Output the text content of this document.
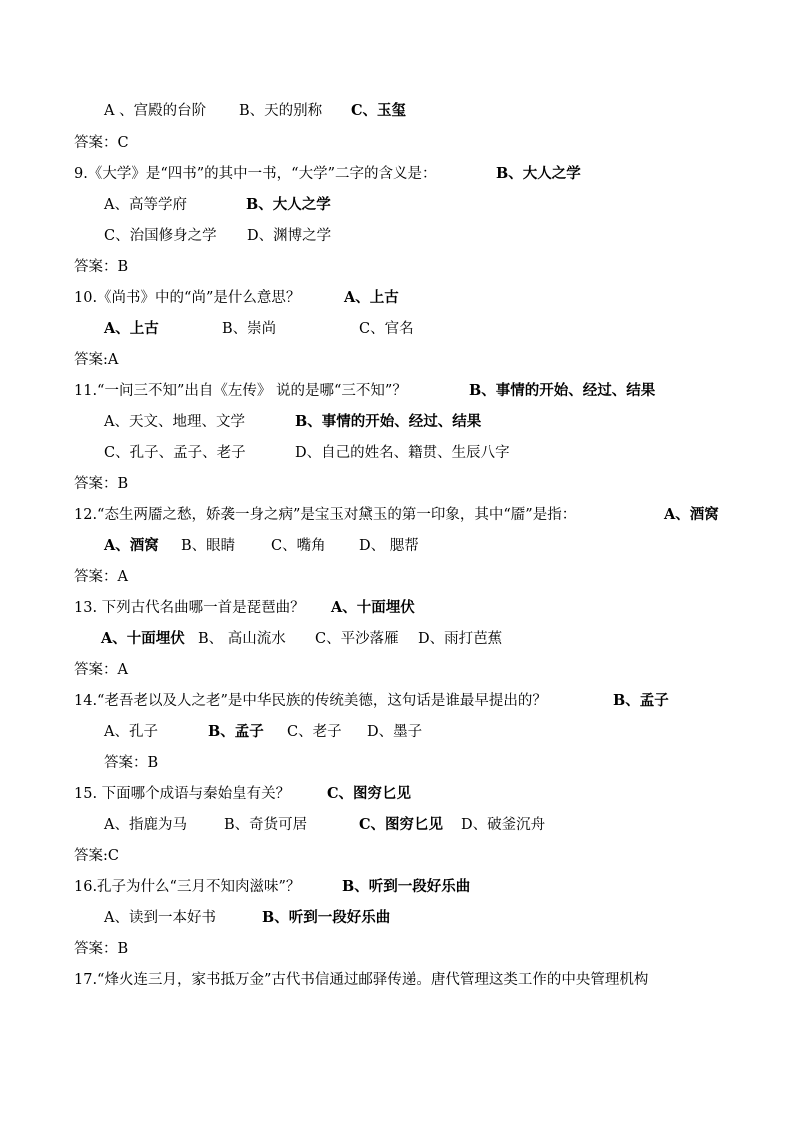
A 、宫殿的台阶 B、天的别称 C、玉玺
答案：C
9.《大学》是“四书”的其中一书，“大学”二字的含义是：	B、大人之学
A、高等学府	B、大人之学
C、治国修身之学 D、渊博之学
答案：B
10.《尚书》中的“尚”是什么意思？	A、上古
A、上古	B、崇尚	C、官名
答案:A
11.“一问三不知”出自《左传》 说的是哪“三不知”？	B、事情的开始、经过、结果
A、天文、地理、文学	B、事情的开始、经过、结果
C、孔子、孟子、老子	D、自己的姓名、籍贯、生辰八字
答案：B
12.“态生两靥之愁，娇袭一身之病”是宝玉对黛玉的第一印象，其中“靥”是指：	A、酒窝
A、酒窝 B、眼睛 C、嘴角 D、 腮帮
答案：A
13. 下列古代名曲哪一首是琵琶曲？ A、十面埋伏
A、十面埋伏 B、 高山流水 C、平沙落雁 D、雨打芭蕉
答案：A
14.“老吾老以及人之老”是中华民族的传统美德，这句话是谁最早提出的？	B、孟子
A、孔子	B、孟子 C、老子 D、墨子
答案：B
15. 下面哪个成语与秦始皇有关？	C、图穷匕见
A、指鹿为马	B、奇货可居	C、图穷匕见 D、破釜沉舟
答案:C
16.孔子为什么“三月不知肉滋味”？	B、听到一段好乐曲
A、读到一本好书	B、听到一段好乐曲
答案：B
17.“烽火连三月，家书抵万金”古代书信通过邮驿传递。唐代管理这类工作的中央管理机构
